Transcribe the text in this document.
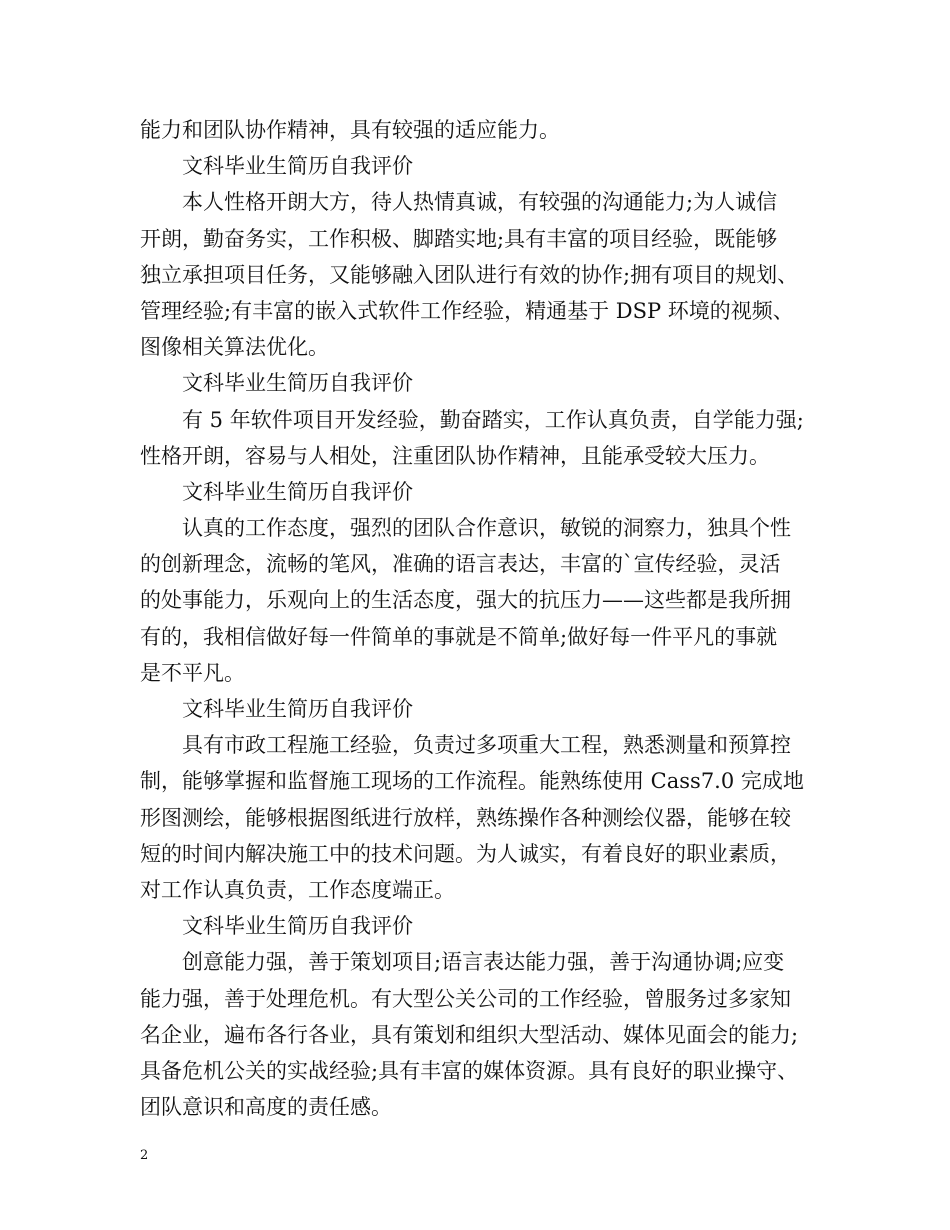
能力和团队协作精神，具有较强的适应能力。
文科毕业生简历自我评价
本人性格开朗大方，待人热情真诚，有较强的沟通能力;为人诚信
开朗，勤奋务实，工作积极、脚踏实地;具有丰富的项目经验，既能够
独立承担项目任务，又能够融入团队进行有效的协作;拥有项目的规划、
管理经验;有丰富的嵌入式软件工作经验，精通基于 DSP 环境的视频、
图像相关算法优化。
文科毕业生简历自我评价
有 5 年软件项目开发经验，勤奋踏实，工作认真负责，自学能力强;
性格开朗，容易与人相处，注重团队协作精神，且能承受较大压力。
文科毕业生简历自我评价
认真的工作态度，强烈的团队合作意识，敏锐的洞察力，独具个性
的创新理念，流畅的笔风，准确的语言表达，丰富的`宣传经验，灵活
的处事能力，乐观向上的生活态度，强大的抗压力——这些都是我所拥
有的，我相信做好每一件简单的事就是不简单;做好每一件平凡的事就
是不平凡。
文科毕业生简历自我评价
具有市政工程施工经验，负责过多项重大工程，熟悉测量和预算控
制，能够掌握和监督施工现场的工作流程。能熟练使用 Cass7.0 完成地
形图测绘，能够根据图纸进行放样，熟练操作各种测绘仪器，能够在较
短的时间内解决施工中的技术问题。为人诚实，有着良好的职业素质，
对工作认真负责，工作态度端正。
文科毕业生简历自我评价
创意能力强，善于策划项目;语言表达能力强，善于沟通协调;应变
能力强，善于处理危机。有大型公关公司的工作经验，曾服务过多家知
名企业，遍布各行各业，具有策划和组织大型活动、媒体见面会的能力;
具备危机公关的实战经验;具有丰富的媒体资源。具有良好的职业操守、
团队意识和高度的责任感。
2
